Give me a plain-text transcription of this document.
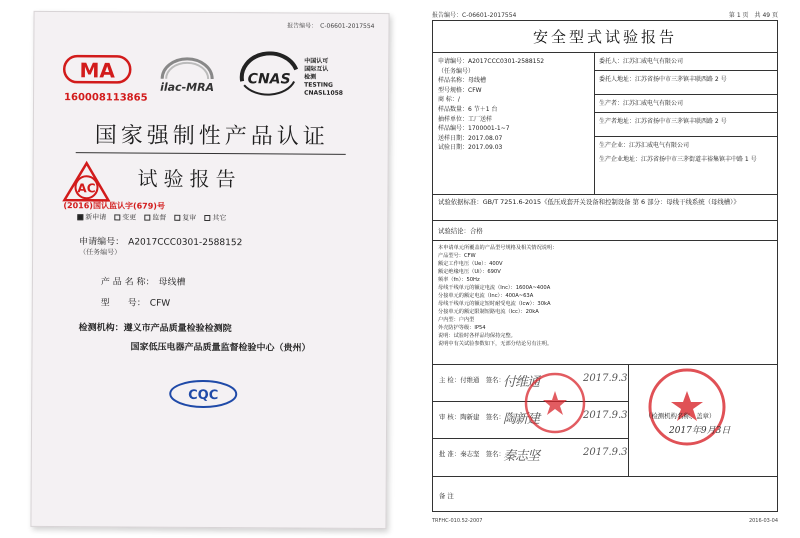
报告编号： C-06601-2017554
MA
160008113865
ilac-MRA CNAS
中国认可
国际互认
检测
TESTING
CNASL1058
国家强制性产品认证
AC 试验报告
(2016)国认监认字(679)号
新申请 变更 监督 复审 其它
申请编号： A2017CCC0301-2588152
（任务编号）
产 品 名 称： 母线槽
型　　号： CFW
检测机构：遵义市产品质量检验检测院
国家低压电器产品质量监督检验中心（贵州）
CQC
报告编号：C-06601-2017554	第 1 页　共 49 页
安全型式试验报告
申请编号：A2017CCC0301-2588152
（任务编号）
样品名称：母线槽
型号规格：CFW
商 标：/
样品数量：6 节＋1 台
抽样单位：工厂送样
样品编号：1700001-1~7
送样日期：2017.08.07
试验日期：2017.09.03
委托人：江苏汇威电气有限公司
委托人地址：江苏省扬中市三茅镇丰联西路 2 号
生产者：江苏汇威电气有限公司
生产者地址：江苏省扬中市三茅镇丰联西路 2 号
生产企业：江苏汇威电气有限公司
生产企业地址：江苏省扬中市三茅街道丰裕集镇丰中路 1 号
试验依据标准：GB/T 7251.6-2015《低压成套开关设备和控制设备 第 6 部分：母线干线系统（母线槽）》
试验结论：合格
本申请单元所覆盖的产品型号规格及相关情况说明：
产品型号：CFW
额定工作电压（Ue）：400V
额定绝缘电压（Ui）：690V
频率（fn）：50Hz
母线干线单元的额定电流（Inc）：1600A~400A
分接单元的额定电流（Inc）：400A~63A
母线干线单元的额定短时耐受电流（Icw）：30kA
分接单元的额定限制短路电流（Icc）：20kA
户内型：户内型
外壳防护等级：IP54
说明：试验时各样品均保持完整。
说明中有关试验参数如下，无部分结论另有注明。
主 检：付维通　签名：
付维通	2017.9.3
审 核：陶新建　签名：
陶新建	2017.9.3
批 准：秦志坚　签名：
秦志坚	2017.9.3
（检测机构名称、盖章）
2017年9月3日
备 注
TRFHC-010.52-2007	2016-03-04
